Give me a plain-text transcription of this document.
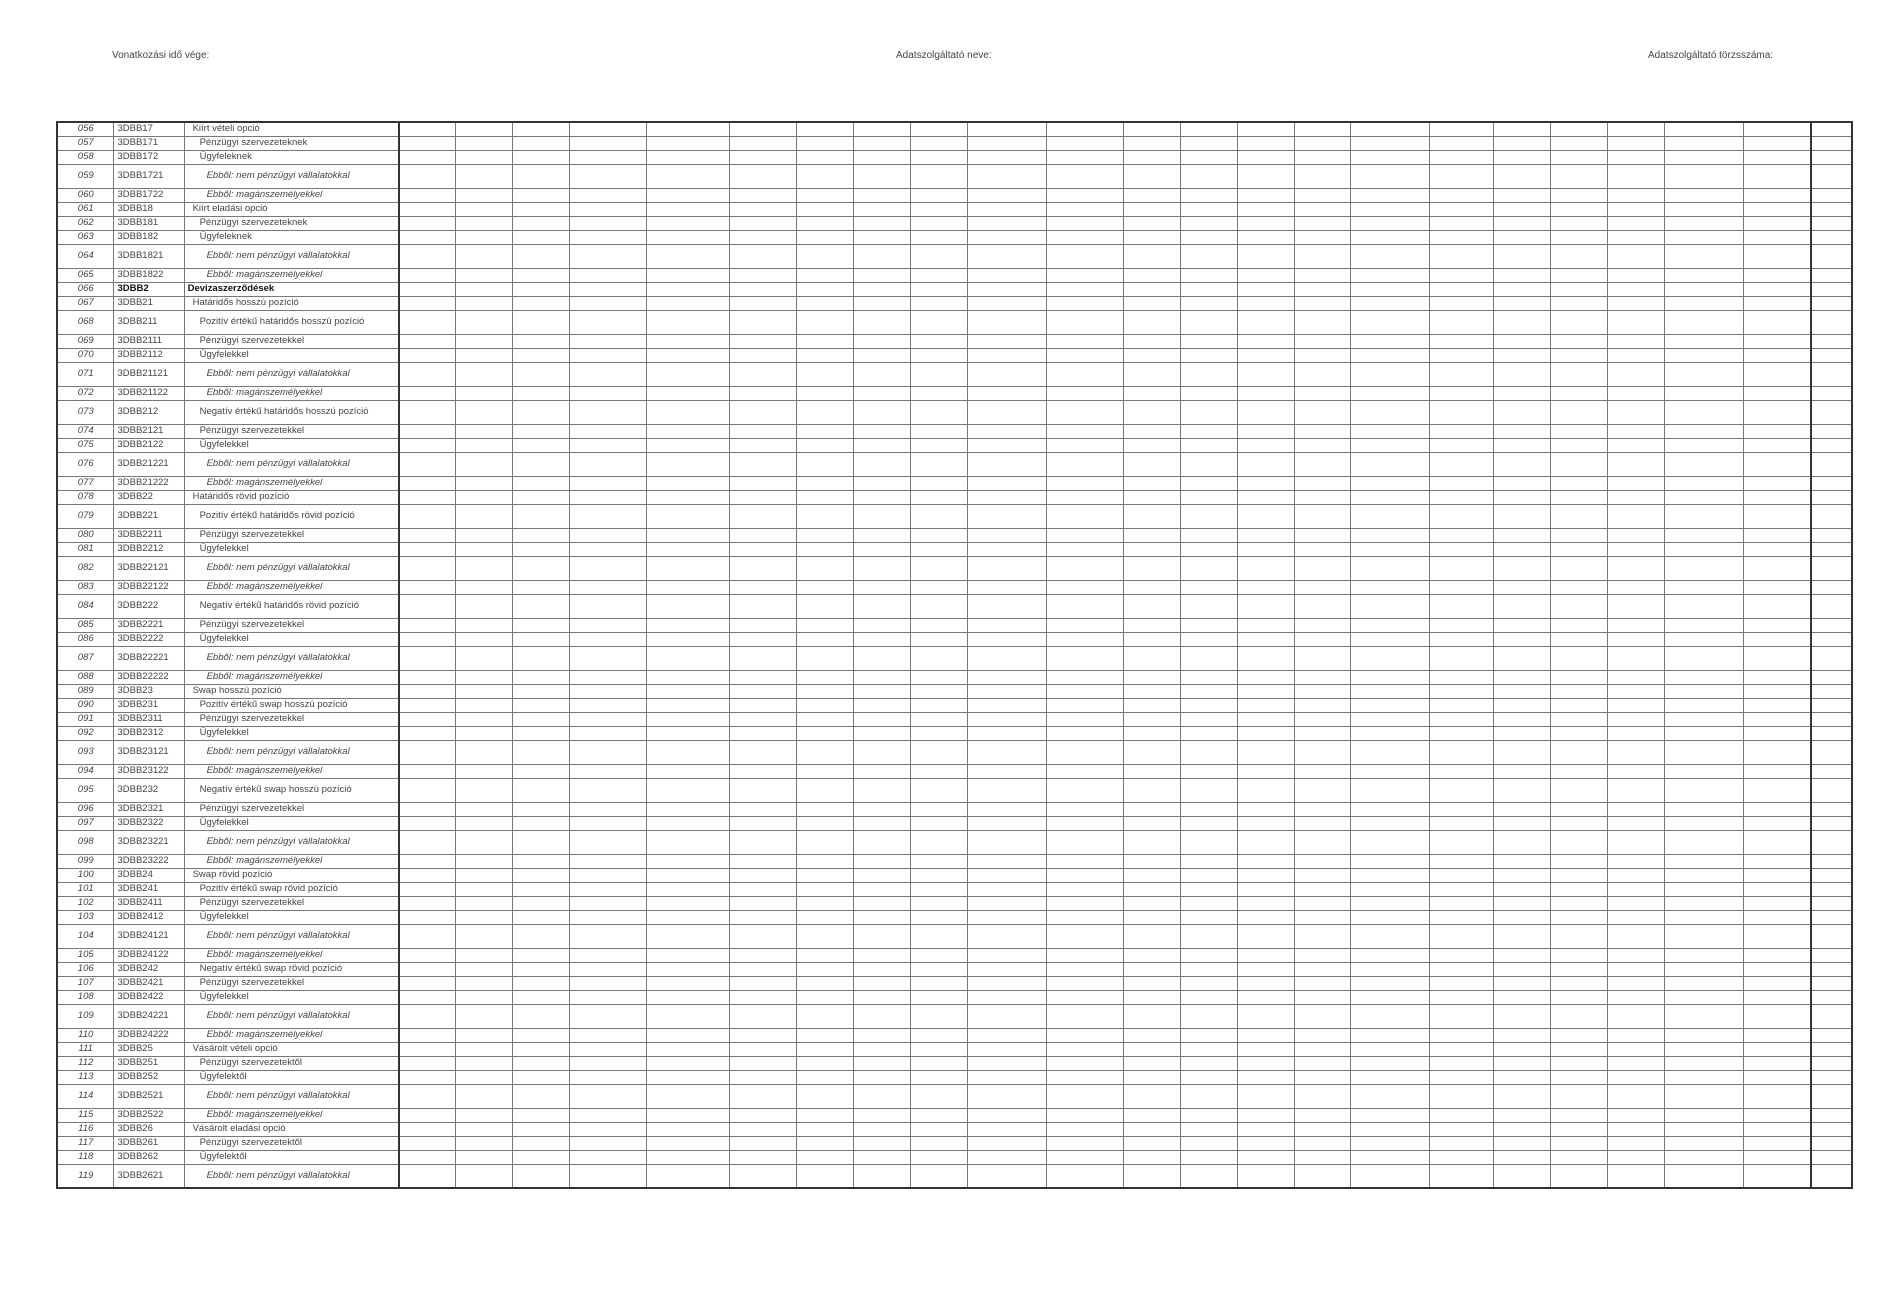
Vonatkozási idő vége:	Adatszolgáltató neve:	Adatszolgáltató törzsszáma:
056	3DBB17	Kiírt vételi opció																							
057	3DBB171	Pénzügyi szervezeteknek																							
058	3DBB172	Ügyfeleknek																							
059	3DBB1721	Ebből: nem pénzügyi vállalatokkal																							
060	3DBB1722	Ebből: magánszemélyekkel																							
061	3DBB18	Kiírt eladási opció																							
062	3DBB181	Pénzügyi szervezeteknek																							
063	3DBB182	Ügyfeleknek																							
064	3DBB1821	Ebből: nem pénzügyi vállalatokkal																							
065	3DBB1822	Ebből: magánszemélyekkel																							
066	3DBB2	Devizaszerződések																							
067	3DBB21	Határidős hosszú pozíció																							
068	3DBB211	Pozitív értékű határidős hosszú pozíció																							
069	3DBB2111	Pénzügyi szervezetekkel																							
070	3DBB2112	Ügyfelekkel																							
071	3DBB21121	Ebből: nem pénzügyi vállalatokkal																							
072	3DBB21122	Ebből: magánszemélyekkel																							
073	3DBB212	Negatív értékű határidős hosszú pozíció																							
074	3DBB2121	Pénzügyi szervezetekkel																							
075	3DBB2122	Ügyfelekkel																							
076	3DBB21221	Ebből: nem pénzügyi vállalatokkal																							
077	3DBB21222	Ebből: magánszemélyekkel																							
078	3DBB22	Határidős rövid pozíció																							
079	3DBB221	Pozitív értékű határidős rövid pozíció																							
080	3DBB2211	Pénzügyi szervezetekkel																							
081	3DBB2212	Ügyfelekkel																							
082	3DBB22121	Ebből: nem pénzügyi vállalatokkal																							
083	3DBB22122	Ebből: magánszemélyekkel																							
084	3DBB222	Negatív értékű határidős rövid pozíció																							
085	3DBB2221	Pénzügyi szervezetekkel																							
086	3DBB2222	Ügyfelekkel																							
087	3DBB22221	Ebből: nem pénzügyi vállalatokkal																							
088	3DBB22222	Ebből: magánszemélyekkel																							
089	3DBB23	Swap hosszú pozíció																							
090	3DBB231	Pozitív értékű swap hosszú pozíció																							
091	3DBB2311	Pénzügyi szervezetekkel																							
092	3DBB2312	Ügyfelekkel																							
093	3DBB23121	Ebből: nem pénzügyi vállalatokkal																							
094	3DBB23122	Ebből: magánszemélyekkel																							
095	3DBB232	Negatív értékű swap hosszú pozíció																							
096	3DBB2321	Pénzügyi szervezetekkel																							
097	3DBB2322	Ügyfelekkel																							
098	3DBB23221	Ebből: nem pénzügyi vállalatokkal																							
099	3DBB23222	Ebből: magánszemélyekkel																							
100	3DBB24	Swap rövid pozíció																							
101	3DBB241	Pozitív értékű swap rövid pozíció																							
102	3DBB2411	Pénzügyi szervezetekkel																							
103	3DBB2412	Ügyfelekkel																							
104	3DBB24121	Ebből: nem pénzügyi vállalatokkal																							
105	3DBB24122	Ebből: magánszemélyekkel																							
106	3DBB242	Negatív értékű swap rövid pozíció																							
107	3DBB2421	Pénzügyi szervezetekkel																							
108	3DBB2422	Ügyfelekkel																							
109	3DBB24221	Ebből: nem pénzügyi vállalatokkal																							
110	3DBB24222	Ebből: magánszemélyekkel																							
111	3DBB25	Vásárolt vételi opció																							
112	3DBB251	Pénzügyi szervezetektől																							
113	3DBB252	Ügyfelektől																							
114	3DBB2521	Ebből: nem pénzügyi vállalatokkal																							
115	3DBB2522	Ebből: magánszemélyekkel																							
116	3DBB26	Vásárolt eladási opció																							
117	3DBB261	Pénzügyi szervezetektől																							
118	3DBB262	Ügyfelektől																							
119	3DBB2621	Ebből: nem pénzügyi vállalatokkal																							
